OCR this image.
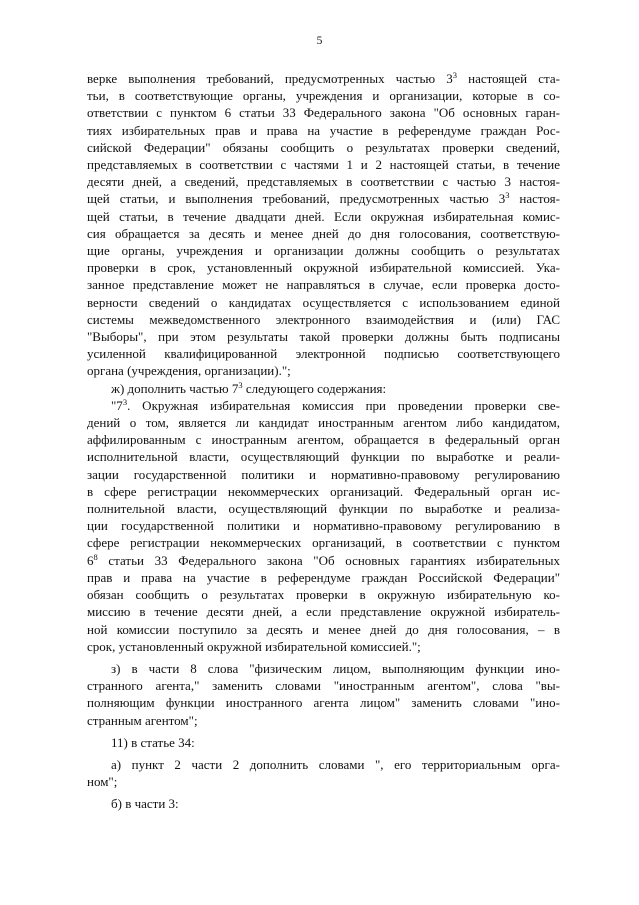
5
верке выполнения требований, предусмотренных частью $3^3$ настоящей ста-
тьи, в соответствующие органы, учреждения и организации, которые в со-
ответствии с пунктом 6 статьи 33 Федерального закона "Об основных гаран-
тиях избирательных прав и права на участие в референдуме граждан Рос-
сийской Федерации" обязаны сообщить о результатах проверки сведений,
представляемых в соответствии с частями 1 и 2 настоящей статьи, в течение
десяти дней, а сведений, представляемых в соответствии с частью 3 настоя-
щей статьи, и выполнения требований, предусмотренных частью $3^3$ настоя-
щей статьи, в течение двадцати дней. Если окружная избирательная комис-
сия обращается за десять и менее дней до дня голосования, соответствую-
щие органы, учреждения и организации должны сообщить о результатах
проверки в срок, установленный окружной избирательной комиссией. Ука-
занное представление может не направляться в случае, если проверка досто-
верности сведений о кандидатах осуществляется с использованием единой
системы межведомственного электронного взаимодействия и (или) ГАС
"Выборы", при этом результаты такой проверки должны быть подписаны
усиленной квалифицированной электронной подписью соответствующего
органа (учреждения, организации).";
ж) дополнить частью $7^3$ следующего содержания:
"$7^3$. Окружная избирательная комиссия при проведении проверки све-
дений о том, является ли кандидат иностранным агентом либо кандидатом,
аффилированным с иностранным агентом, обращается в федеральный орган
исполнительной власти, осуществляющий функции по выработке и реали-
зации государственной политики и нормативно-правовому регулированию
в сфере регистрации некоммерческих организаций. Федеральный орган ис-
полнительной власти, осуществляющий функции по выработке и реализа-
ции государственной политики и нормативно-правовому регулированию в
сфере регистрации некоммерческих организаций, в соответствии с пунктом
$6^8$ статьи 33 Федерального закона "Об основных гарантиях избирательных
прав и права на участие в референдуме граждан Российской Федерации"
обязан сообщить о результатах проверки в окружную избирательную ко-
миссию в течение десяти дней, а если представление окружной избиратель-
ной комиссии поступило за десять и менее дней до дня голосования, – в
срок, установленный окружной избирательной комиссией.";
з) в части 8 слова "физическим лицом, выполняющим функции ино-
странного агента," заменить словами "иностранным агентом", слова "вы-
полняющим функции иностранного агента лицом" заменить словами "ино-
странным агентом";
11) в статье 34:
а) пункт 2 части 2 дополнить словами ", его территориальным орга-
ном";
б) в части 3:
